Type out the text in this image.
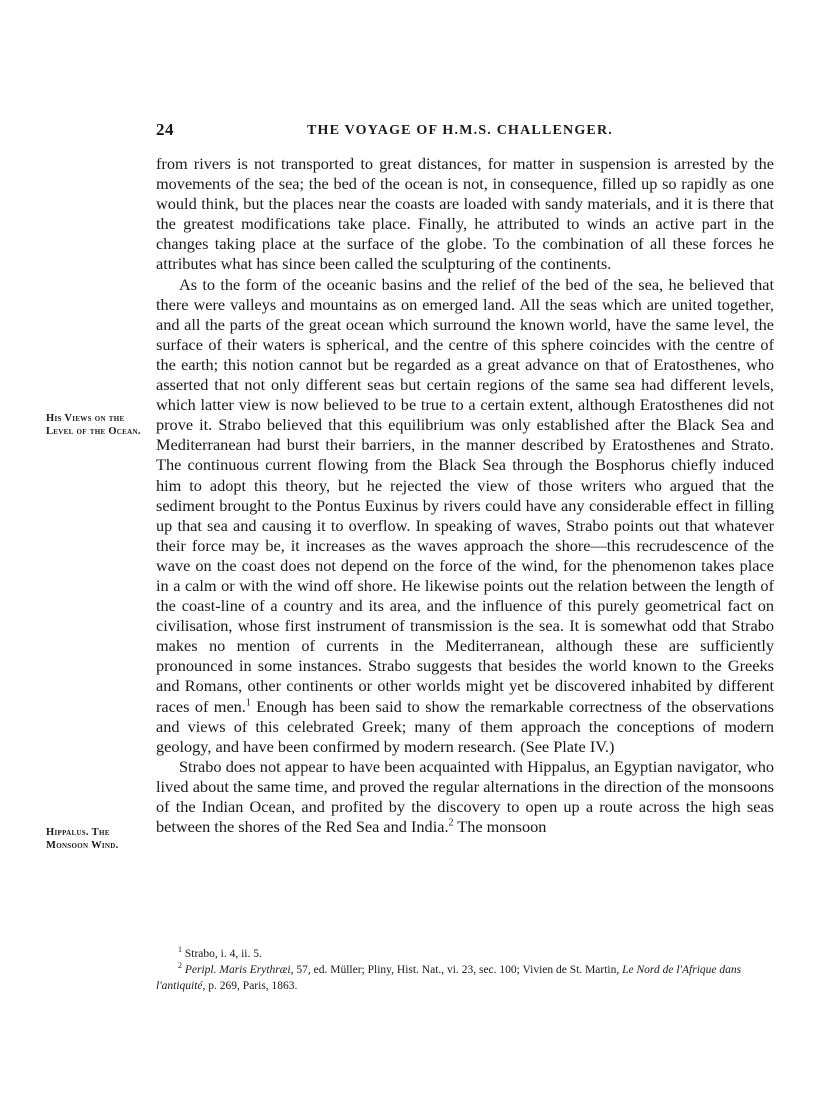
24	THE VOYAGE OF H.M.S. CHALLENGER.
His Views on the Level of the Ocean.
Hippalus. The Monsoon Wind.

from rivers is not transported to great distances, for matter in suspension is arrested by the movements of the sea; the bed of the ocean is not, in consequence, filled up so rapidly as one would think, but the places near the coasts are loaded with sandy materials, and it is there that the greatest modifications take place. Finally, he attributed to winds an active part in the changes taking place at the surface of the globe. To the combination of all these forces he attributes what has since been called the sculpturing of the continents.

As to the form of the oceanic basins and the relief of the bed of the sea, he believed that there were valleys and mountains as on emerged land. All the seas which are united together, and all the parts of the great ocean which surround the known world, have the same level, the surface of their waters is spherical, and the centre of this sphere coincides with the centre of the earth; this notion cannot but be regarded as a great advance on that of Eratosthenes, who asserted that not only different seas but certain regions of the same sea had different levels, which latter view is now believed to be true to a certain extent, although Eratosthenes did not prove it. Strabo believed that this equilibrium was only established after the Black Sea and Mediterranean had burst their barriers, in the manner described by Eratosthenes and Strato. The continuous current flowing from the Black Sea through the Bosphorus chiefly induced him to adopt this theory, but he rejected the view of those writers who argued that the sediment brought to the Pontus Euxinus by rivers could have any considerable effect in filling up that sea and causing it to overflow. In speaking of waves, Strabo points out that whatever their force may be, it increases as the waves approach the shore—this recrudescence of the wave on the coast does not depend on the force of the wind, for the phenomenon takes place in a calm or with the wind off shore. He likewise points out the relation between the length of the coast-line of a country and its area, and the influence of this purely geometrical fact on civilisation, whose first instrument of transmission is the sea. It is somewhat odd that Strabo makes no mention of currents in the Mediterranean, although these are sufficiently pronounced in some instances. Strabo suggests that besides the world known to the Greeks and Romans, other continents or other worlds might yet be discovered inhabited by different races of men.$^1$ Enough has been said to show the remarkable correctness of the observations and views of this celebrated Greek; many of them approach the conceptions of modern geology, and have been confirmed by modern research. (See Plate IV.)

Strabo does not appear to have been acquainted with Hippalus, an Egyptian navigator, who lived about the same time, and proved the regular alternations in the direction of the monsoons of the Indian Ocean, and profited by the discovery to open up a route across the high seas between the shores of the Red Sea and India.$^2$ The monsoon

$^1$ Strabo, i. 4, ii. 5.

$^2$ Peripl. Maris Erythræi, 57, ed. Müller; Pliny, Hist. Nat., vi. 23, sec. 100; Vivien de St. Martin, Le Nord de l'Afrique dans l'antiquité, p. 269, Paris, 1863.
